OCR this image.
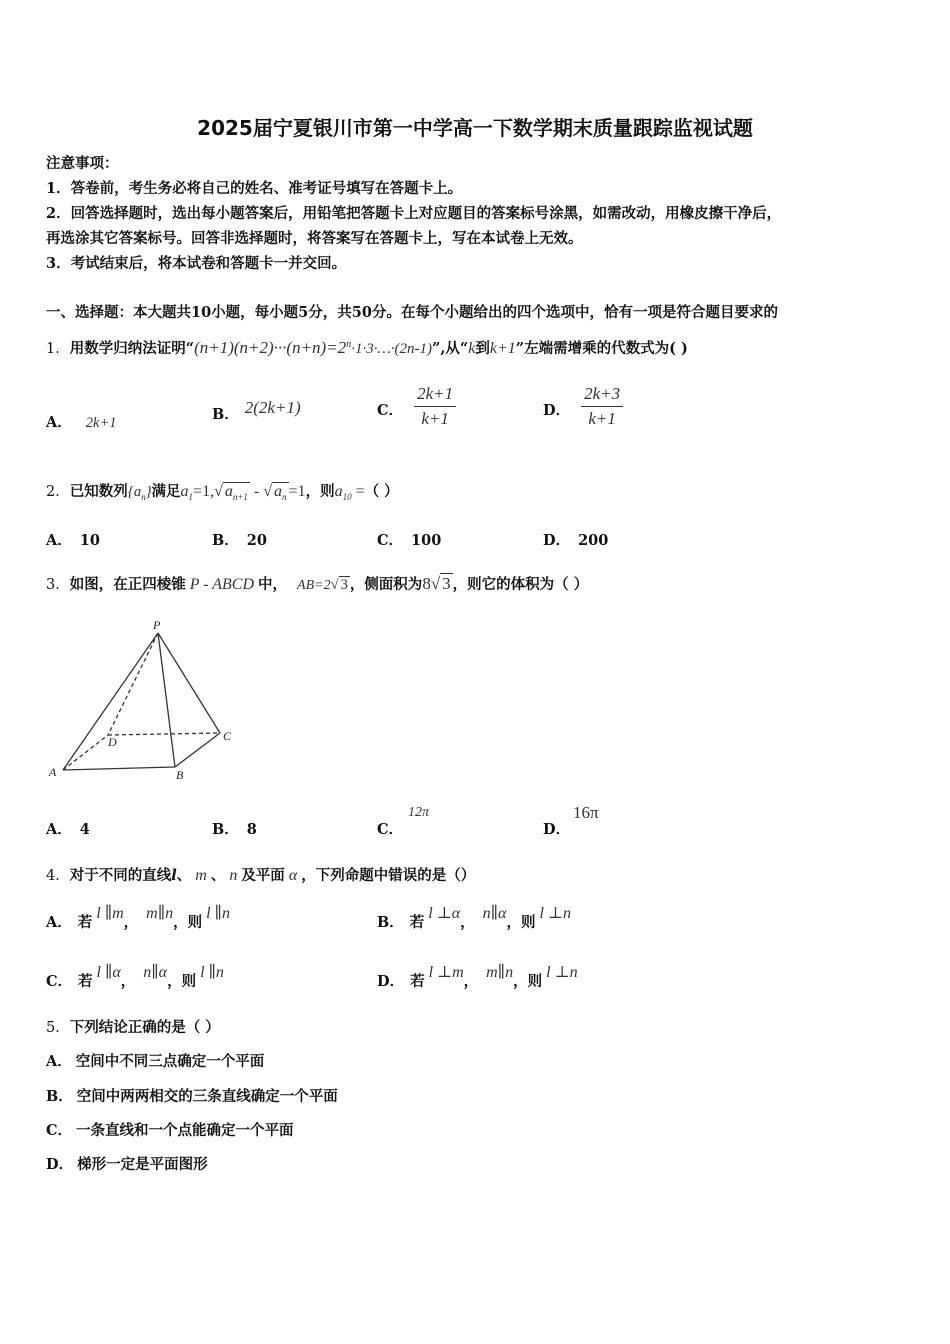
2025届宁夏银川市第一中学高一下数学期末质量跟踪监视试题
注意事项：
1．答卷前，考生务必将自己的姓名、准考证号填写在答题卡上。
2．回答选择题时，选出每小题答案后，用铅笔把答题卡上对应题目的答案标号涂黑，如需改动，用橡皮擦干净后，
再选涂其它答案标号。回答非选择题时，将答案写在答题卡上，写在本试卷上无效。
3．考试结束后，将本试卷和答题卡一并交回。
一、选择题：本大题共10小题，每小题5分，共50分。在每个小题给出的四个选项中，恰有一项是符合题目要求的
1．用数学归纳法证明“$(n+1)(n+2)\cdot\cdot\cdot(n+n)=2^n\cdot 1\cdot 3\cdot\dots\cdot(2n-1)$”,从“k到k+1”左端需增乘的代数式为( )
A． 2k+1	B． 2(2k+1)	C． $\frac{2k+1}{k+1}$	D． $\frac{2k+3}{k+1}$
2．已知数列$\{a_n\}$满足$a_1=1,√$ $a_{n+1}$ - √ $a_n =1$，则$a_{10}$ =（ ）
A． 10	B． 20	C． 100	D． 200
3．如图，在正四棱锥 P - ABCD 中， AB=2√ 3 ，侧面积为8√ 3 ，则它的体积为（ ）
P
D	C
A	B
A． 4	B． 8	C．
12π
D．
16π
4．对于不同的直线l、 m 、 n 及平面 α ，下列命题中错误的是（）
A． 若l ∥m，m∥n，则l ∥n
B． 若l ⊥α，n∥α，则l ⊥n
C． 若l ∥α，n∥α，则l ∥n
D． 若l ⊥m，m∥n，则l ⊥n
5．下列结论正确的是（ ）
A． 空间中不同三点确定一个平面
B． 空间中两两相交的三条直线确定一个平面
C． 一条直线和一个点能确定一个平面
D． 梯形一定是平面图形
